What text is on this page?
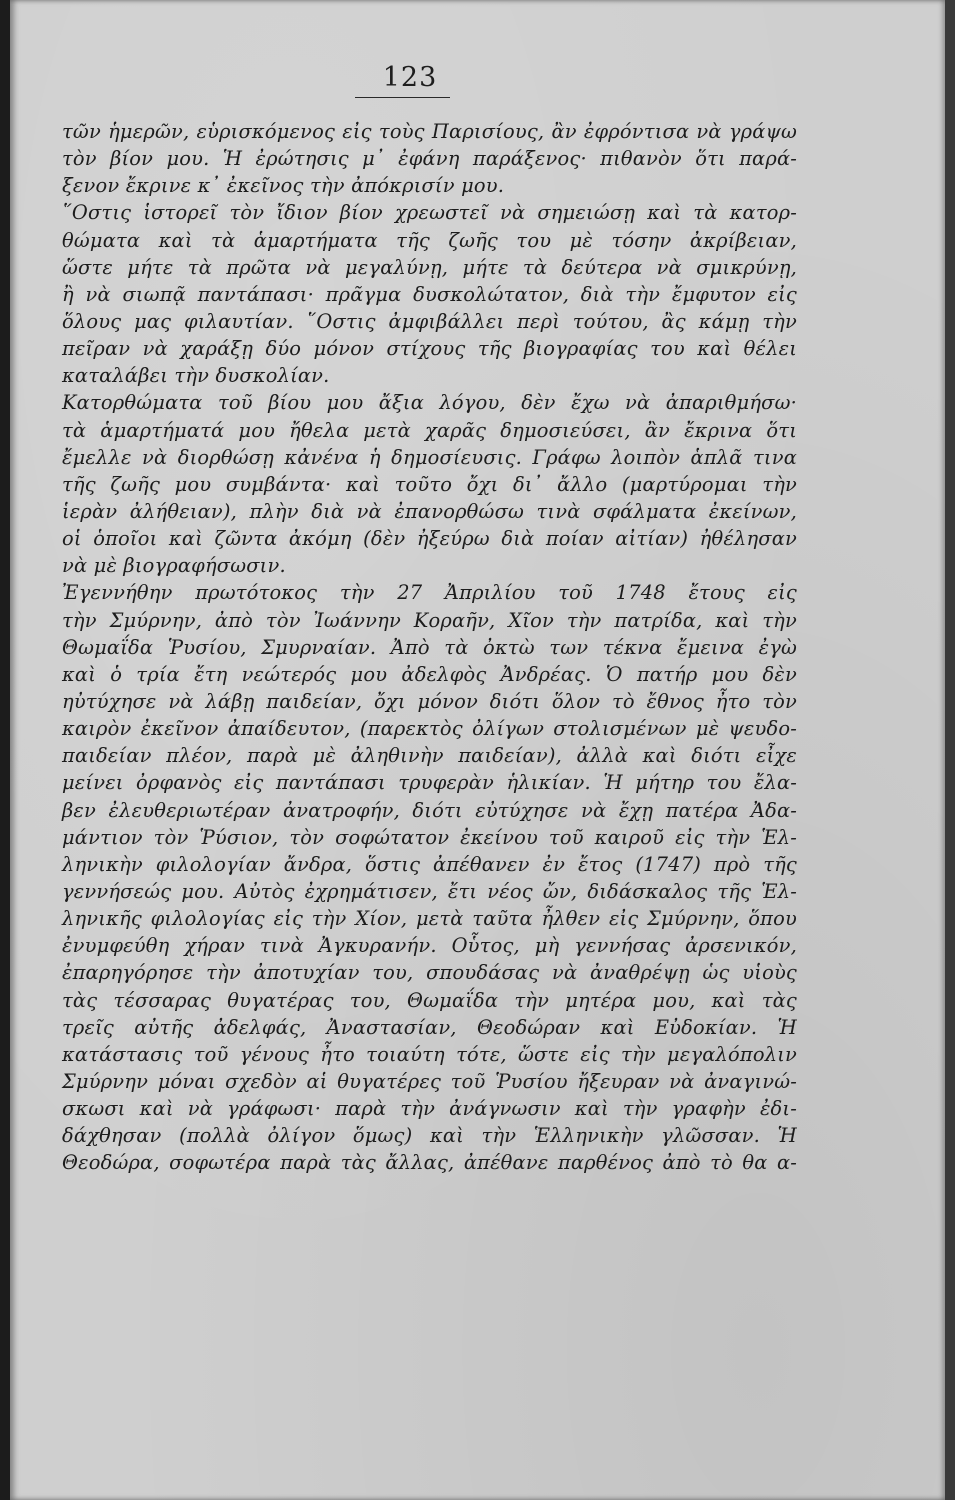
123
τῶν ἡμερῶν, εὑρισκόμενος εἰς τοὺς Παρισίους, ἂν ἐφρόντισα νὰ γράψω
τὸν βίον μου. Ἡ ἐρώτησις μ᾽ ἐφάνη παράξενος· πιθανὸν ὅτι παρά-
ξενον ἔκρινε κ᾽ ἐκεῖνος τὴν ἀπόκρισίν μου.
῞Οστις ἱστορεῖ τὸν ἴδιον βίον χρεωστεῖ νὰ σημειώσῃ καὶ τὰ κατορ-
θώματα καὶ τὰ ἁμαρτήματα τῆς ζωῆς του μὲ τόσην ἀκρίβειαν,
ὥστε μήτε τὰ πρῶτα νὰ μεγαλύνῃ, μήτε τὰ δεύτερα νὰ σμικρύνῃ,
ἢ νὰ σιωπᾷ παντάπασι· πρᾶγμα δυσκολώτατον, διὰ τὴν ἔμφυτον εἰς
ὅλους μας φιλαυτίαν. ῞Οστις ἀμφιβάλλει περὶ τούτου, ἂς κάμῃ τὴν
πεῖραν νὰ χαράξῃ δύο μόνον στίχους τῆς βιογραφίας του καὶ θέλει
καταλάβει τὴν δυσκολίαν.
Κατορθώματα τοῦ βίου μου ἄξια λόγου, δὲν ἔχω νὰ ἀπαριθμήσω·
τὰ ἁμαρτήματά μου ἤθελα μετὰ χαρᾶς δημοσιεύσει, ἂν ἔκρινα ὅτι
ἔμελλε νὰ διορθώσῃ κἀνένα ἡ δημοσίευσις. Γράφω λοιπὸν ἁπλᾶ τινα
τῆς ζωῆς μου συμβάντα· καὶ τοῦτο ὄχι δι᾽ ἄλλο (μαρτύρομαι τὴν
ἱερὰν ἀλήθειαν), πλὴν διὰ νὰ ἐπανορθώσω τινὰ σφάλματα ἐκείνων,
οἱ ὁποῖοι καὶ ζῶντα ἀκόμη (δὲν ἠξεύρω διὰ ποίαν αἰτίαν) ἠθέλησαν
νὰ μὲ βιογραφήσωσιν.
Ἐγεννήθην πρωτότοκος τὴν 27 Ἀπριλίου τοῦ 1748 ἔτους εἰς
τὴν Σμύρνην, ἀπὸ τὸν Ἰωάννην Κοραῆν, Χῖον τὴν πατρίδα, καὶ τὴν
Θωμαΐδα Ῥυσίου, Σμυρναίαν. Ἀπὸ τὰ ὀκτὼ των τέκνα ἔμεινα ἐγὼ
καὶ ὁ τρία ἔτη νεώτερός μου ἀδελφὸς Ἀνδρέας. Ὁ πατήρ μου δὲν
ηὐτύχησε νὰ λάβῃ παιδείαν, ὄχι μόνον διότι ὅλον τὸ ἔθνος ἦτο τὸν
καιρὸν ἐκεῖνον ἀπαίδευτον, (παρεκτὸς ὀλίγων στολισμένων μὲ ψευδο-
παιδείαν πλέον, παρὰ μὲ ἀληθινὴν παιδείαν), ἀλλὰ καὶ διότι εἶχε
μείνει ὀρφανὸς εἰς παντάπασι τρυφερὰν ἡλικίαν. Ἡ μήτηρ του ἔλα-
βεν ἐλευθεριωτέραν ἀνατροφήν, διότι εὐτύχησε νὰ ἔχῃ πατέρα Ἀδα-
μάντιον τὸν Ῥύσιον, τὸν σοφώτατον ἐκείνου τοῦ καιροῦ εἰς τὴν Ἑλ-
ληνικὴν φιλολογίαν ἄνδρα, ὅστις ἀπέθανεν ἐν ἔτος (1747) πρὸ τῆς
γεννήσεώς μου. Αὐτὸς ἐχρημάτισεν, ἔτι νέος ὤν, διδάσκαλος τῆς Ἑλ-
ληνικῆς φιλολογίας εἰς τὴν Χίον, μετὰ ταῦτα ἦλθεν εἰς Σμύρνην, ὅπου
ἐνυμφεύθη χήραν τινὰ Ἀγκυρανήν. Οὗτος, μὴ γεννήσας ἀρσενικόν,
ἐπαρηγόρησε τὴν ἀποτυχίαν του, σπουδάσας νὰ ἀναθρέψῃ ὡς υἱοὺς
τὰς τέσσαρας θυγατέρας του, Θωμαΐδα τὴν μητέρα μου, καὶ τὰς
τρεῖς αὐτῆς ἀδελφάς, Ἀναστασίαν, Θεοδώραν καὶ Εὐδοκίαν. Ἡ
κατάστασις τοῦ γένους ἦτο τοιαύτη τότε, ὥστε εἰς τὴν μεγαλόπολιν
Σμύρνην μόναι σχεδὸν αἱ θυγατέρες τοῦ Ῥυσίου ἤξευραν νὰ ἀναγινώ-
σκωσι καὶ νὰ γράφωσι· παρὰ τὴν ἀνάγνωσιν καὶ τὴν γραφὴν ἐδι-
δάχθησαν (πολλὰ ὀλίγον ὅμως) καὶ τὴν Ἑλληνικὴν γλῶσσαν. Ἡ
Θεοδώρα, σοφωτέρα παρὰ τὰς ἄλλας, ἀπέθανε παρθένος ἀπὸ τὸ θα α-
